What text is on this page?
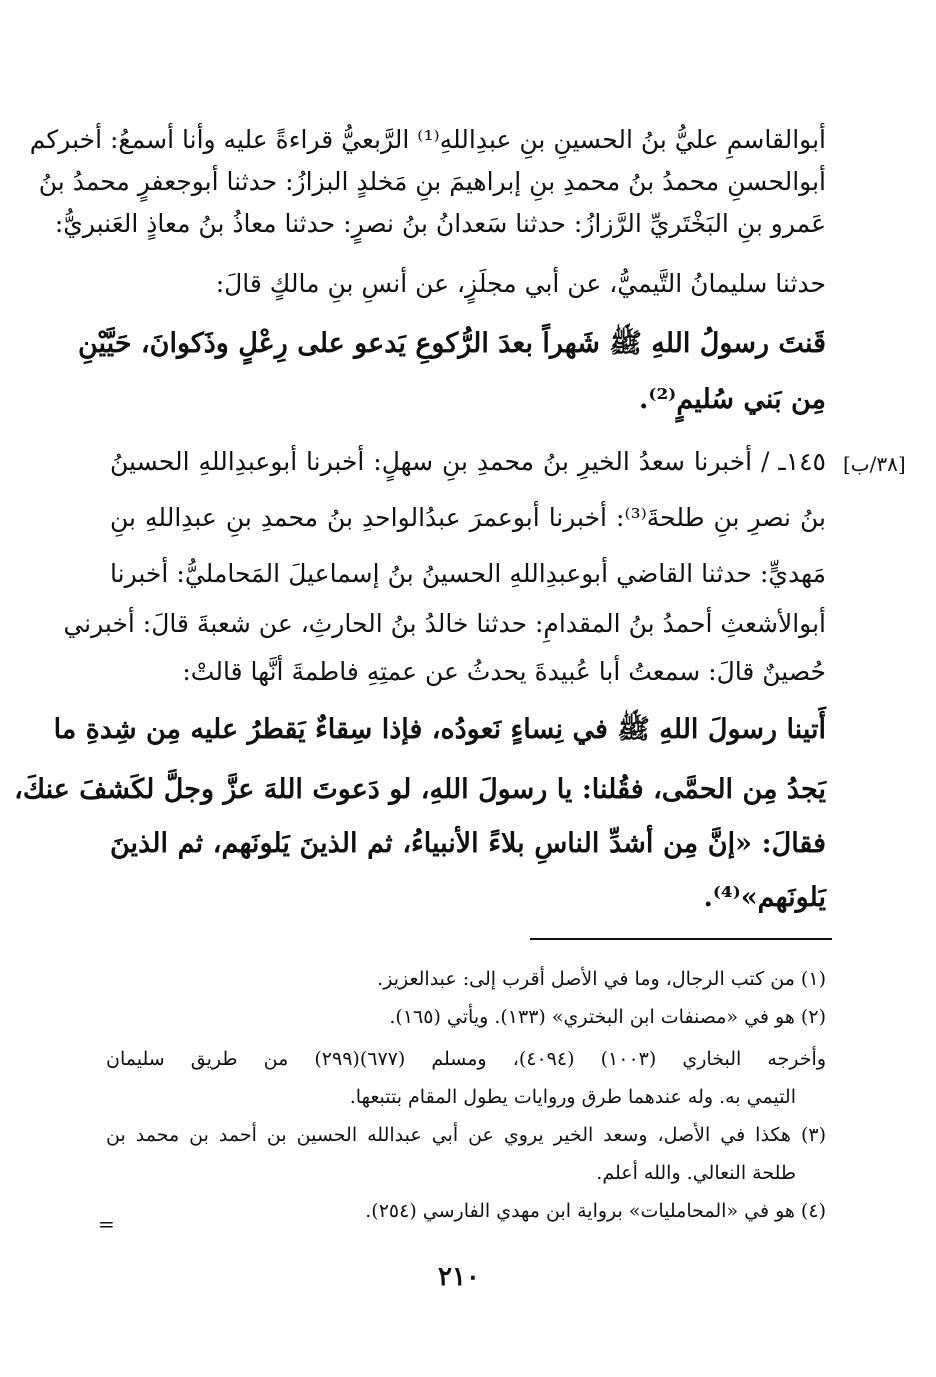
أبوالقاسمِ عليُّ بنُ الحسينِ بنِ عبدِاللهِ⁽¹⁾ الرَّبعيُّ قراءةً عليه وأنا أسمعُ: أخبركم
أبوالحسنِ محمدُ بنُ محمدِ بنِ إبراهيمَ بنِ مَخلدٍ البزازُ: حدثنا أبوجعفرٍ محمدُ بنُ
عَمرو بنِ البَخْتَريِّ الرَّزازُ: حدثنا سَعدانُ بنُ نصرٍ: حدثنا معاذُ بنُ معاذٍ العَنبريُّ:
حدثنا سليمانُ التَّيميُّ، عن أبي مجلَزٍ، عن أنسِ بنِ مالكٍ قالَ:
قَنتَ رسولُ اللهِ ﷺ شَهراً بعدَ الرُّكوعِ يَدعو على رِعْلٍ وذَكوانَ، حَيَّيْنِ
مِن بَني سُليمٍ⁽²⁾.
[٣٨/ب]
١٤٥ـ / أخبرنا سعدُ الخيرِ بنُ محمدِ بنِ سهلٍ: أخبرنا أبوعبدِاللهِ الحسينُ
بنُ نصرِ بنِ طلحةَ⁽³⁾: أخبرنا أبوعمرَ عبدُالواحدِ بنُ محمدِ بنِ عبدِاللهِ بنِ
مَهديٍّ: حدثنا القاضي أبوعبدِاللهِ الحسينُ بنُ إسماعيلَ المَحامليُّ: أخبرنا
أبوالأشعثِ أحمدُ بنُ المقدامِ: حدثنا خالدُ بنُ الحارثِ، عن شعبةَ قالَ: أخبرني
حُصينٌ قالَ: سمعتُ أبا عُبيدةَ يحدثُ عن عمتِهِ فاطمةَ أنَّها قالتْ:
أَتينا رسولَ اللهِ ﷺ في نِساءٍ نَعودُه، فإذا سِقاءٌ يَقطرُ عليه مِن شِدةِ ما
يَجدُ مِن الحمَّى، فقُلنا: يا رسولَ اللهِ، لو دَعوتَ اللهَ عزَّ وجلَّ لكَشفَ عنكَ،
فقالَ: «إنَّ مِن أشدِّ الناسِ بلاءً الأنبياءُ، ثم الذينَ يَلونَهم، ثم الذينَ
يَلونَهم»⁽⁴⁾.
(١) من كتب الرجال، وما في الأصل أقرب إلى: عبدالعزيز.
(٢) هو في «مصنفات ابن البختري» (١٣٣). ويأتي (١٦٥).
وأخرجه البخاري (١٠٠٣) (٤٠٩٤)، ومسلم (٦٧٧)(٢٩٩) من طريق سليمان
التيمي به. وله عندهما طرق وروايات يطول المقام بتتبعها.
(٣) هكذا في الأصل، وسعد الخير يروي عن أبي عبدالله الحسين بن أحمد بن محمد بن
طلحة النعالي. والله أعلم.
(٤) هو في «المحامليات» برواية ابن مهدي الفارسي (٢٥٤).
=
٢١٠
